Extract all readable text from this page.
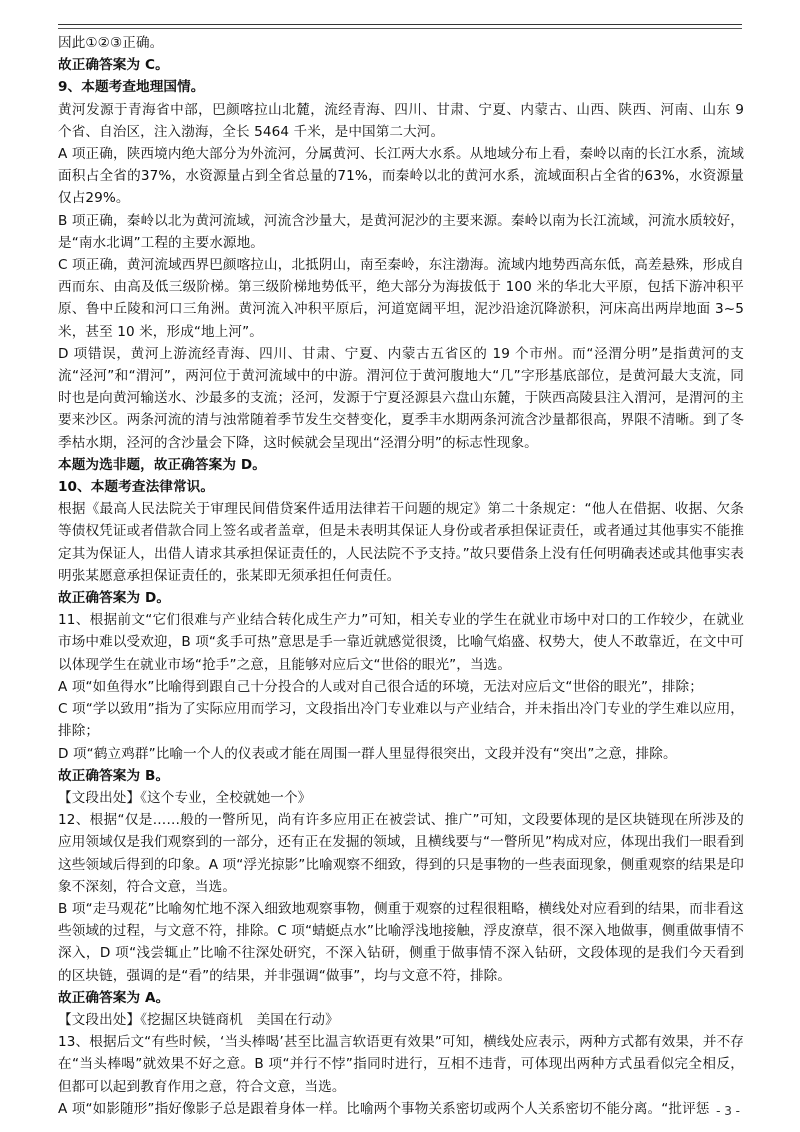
因此①②③正确。

故正确答案为 C。

9、本题考查地理国情。

黄河发源于青海省中部，巴颜喀拉山北麓，流经青海、四川、甘肃、宁夏、内蒙古、山西、陕西、河南、山东 9 个省、自治区，注入渤海，全长 5464 千米，是中国第二大河。

A 项正确，陕西境内绝大部分为外流河，分属黄河、长江两大水系。从地域分布上看，秦岭以南的长江水系，流域面积占全省的37%，水资源量占到全省总量的71%，而秦岭以北的黄河水系，流域面积占全省的63%，水资源量仅占29%。

B 项正确，秦岭以北为黄河流域，河流含沙量大，是黄河泥沙的主要来源。秦岭以南为长江流域，河流水质较好，是“南水北调”工程的主要水源地。

C 项正确，黄河流域西界巴颜喀拉山，北抵阴山，南至秦岭，东注渤海。流域内地势西高东低，高差悬殊，形成自西而东、由高及低三级阶梯。第三级阶梯地势低平，绝大部分为海拔低于 100 米的华北大平原，包括下游冲积平原、鲁中丘陵和河口三角洲。黄河流入冲积平原后，河道宽阔平坦，泥沙沿途沉降淤积，河床高出两岸地面 3~5 米，甚至 10 米，形成“地上河”。

D 项错误，黄河上游流经青海、四川、甘肃、宁夏、内蒙古五省区的 19 个市州。而“泾渭分明”是指黄河的支流“泾河”和“渭河”，两河位于黄河流域中的中游。渭河位于黄河腹地大“几”字形基底部位，是黄河最大支流，同时也是向黄河输送水、沙最多的支流；泾河，发源于宁夏泾源县六盘山东麓，于陕西高陵县注入渭河，是渭河的主要来沙区。两条河流的清与浊常随着季节发生交替变化，夏季丰水期两条河流含沙量都很高，界限不清晰。到了冬季枯水期，泾河的含沙量会下降，这时候就会呈现出“泾渭分明”的标志性现象。

本题为选非题，故正确答案为 D。

10、本题考查法律常识。

根据《最高人民法院关于审理民间借贷案件适用法律若干问题的规定》第二十条规定：“他人在借据、收据、欠条等债权凭证或者借款合同上签名或者盖章，但是未表明其保证人身份或者承担保证责任，或者通过其他事实不能推定其为保证人，出借人请求其承担保证责任的，人民法院不予支持。”故只要借条上没有任何明确表述或其他事实表明张某愿意承担保证责任的，张某即无须承担任何责任。

故正确答案为 D。

11、根据前文“它们很难与产业结合转化成生产力”可知，相关专业的学生在就业市场中对口的工作较少，在就业市场中难以受欢迎，B 项“炙手可热”意思是手一靠近就感觉很烫，比喻气焰盛、权势大，使人不敢靠近，在文中可以体现学生在就业市场“抢手”之意，且能够对应后文“世俗的眼光”，当选。

A 项“如鱼得水”比喻得到跟自己十分投合的人或对自己很合适的环境，无法对应后文“世俗的眼光”，排除；

C 项“学以致用”指为了实际应用而学习，文段指出冷门专业难以与产业结合，并未指出冷门专业的学生难以应用，排除；

D 项“鹤立鸡群”比喻一个人的仪表或才能在周围一群人里显得很突出，文段并没有“突出”之意，排除。

故正确答案为 B。

【文段出处】《这个专业，全校就她一个》

12、根据“仅是……般的一瞥所见，尚有许多应用正在被尝试、推广”可知，文段要体现的是区块链现在所涉及的应用领域仅是我们观察到的一部分，还有正在发掘的领域，且横线要与“一瞥所见”构成对应，体现出我们一眼看到这些领域后得到的印象。A 项“浮光掠影”比喻观察不细致，得到的只是事物的一些表面现象，侧重观察的结果是印象不深刻，符合文意，当选。

B 项“走马观花”比喻匆忙地不深入细致地观察事物，侧重于观察的过程很粗略，横线处对应看到的结果，而非看这些领域的过程，与文意不符，排除。C 项“蜻蜓点水”比喻浮浅地接触，浮皮潦草，很不深入地做事，侧重做事情不深入，D 项“浅尝辄止”比喻不往深处研究，不深入钻研，侧重于做事情不深入钻研，文段体现的是我们今天看到的区块链，强调的是“看”的结果，并非强调“做事”，均与文意不符，排除。

故正确答案为 A。

【文段出处】《挖掘区块链商机　美国在行动》

13、根据后文“有些时候，‘当头棒喝’甚至比温言软语更有效果”可知，横线处应表示，两种方式都有效果，并不存在“当头棒喝”就效果不好之意。B 项“并行不悖”指同时进行，互相不违背，可体现出两种方式虽看似完全相反，但都可以起到教育作用之意，符合文意，当选。

A 项“如影随形”指好像影子总是跟着身体一样。比喻两个事物关系密切或两个人关系密切不能分离。“批评惩 - 3 -
